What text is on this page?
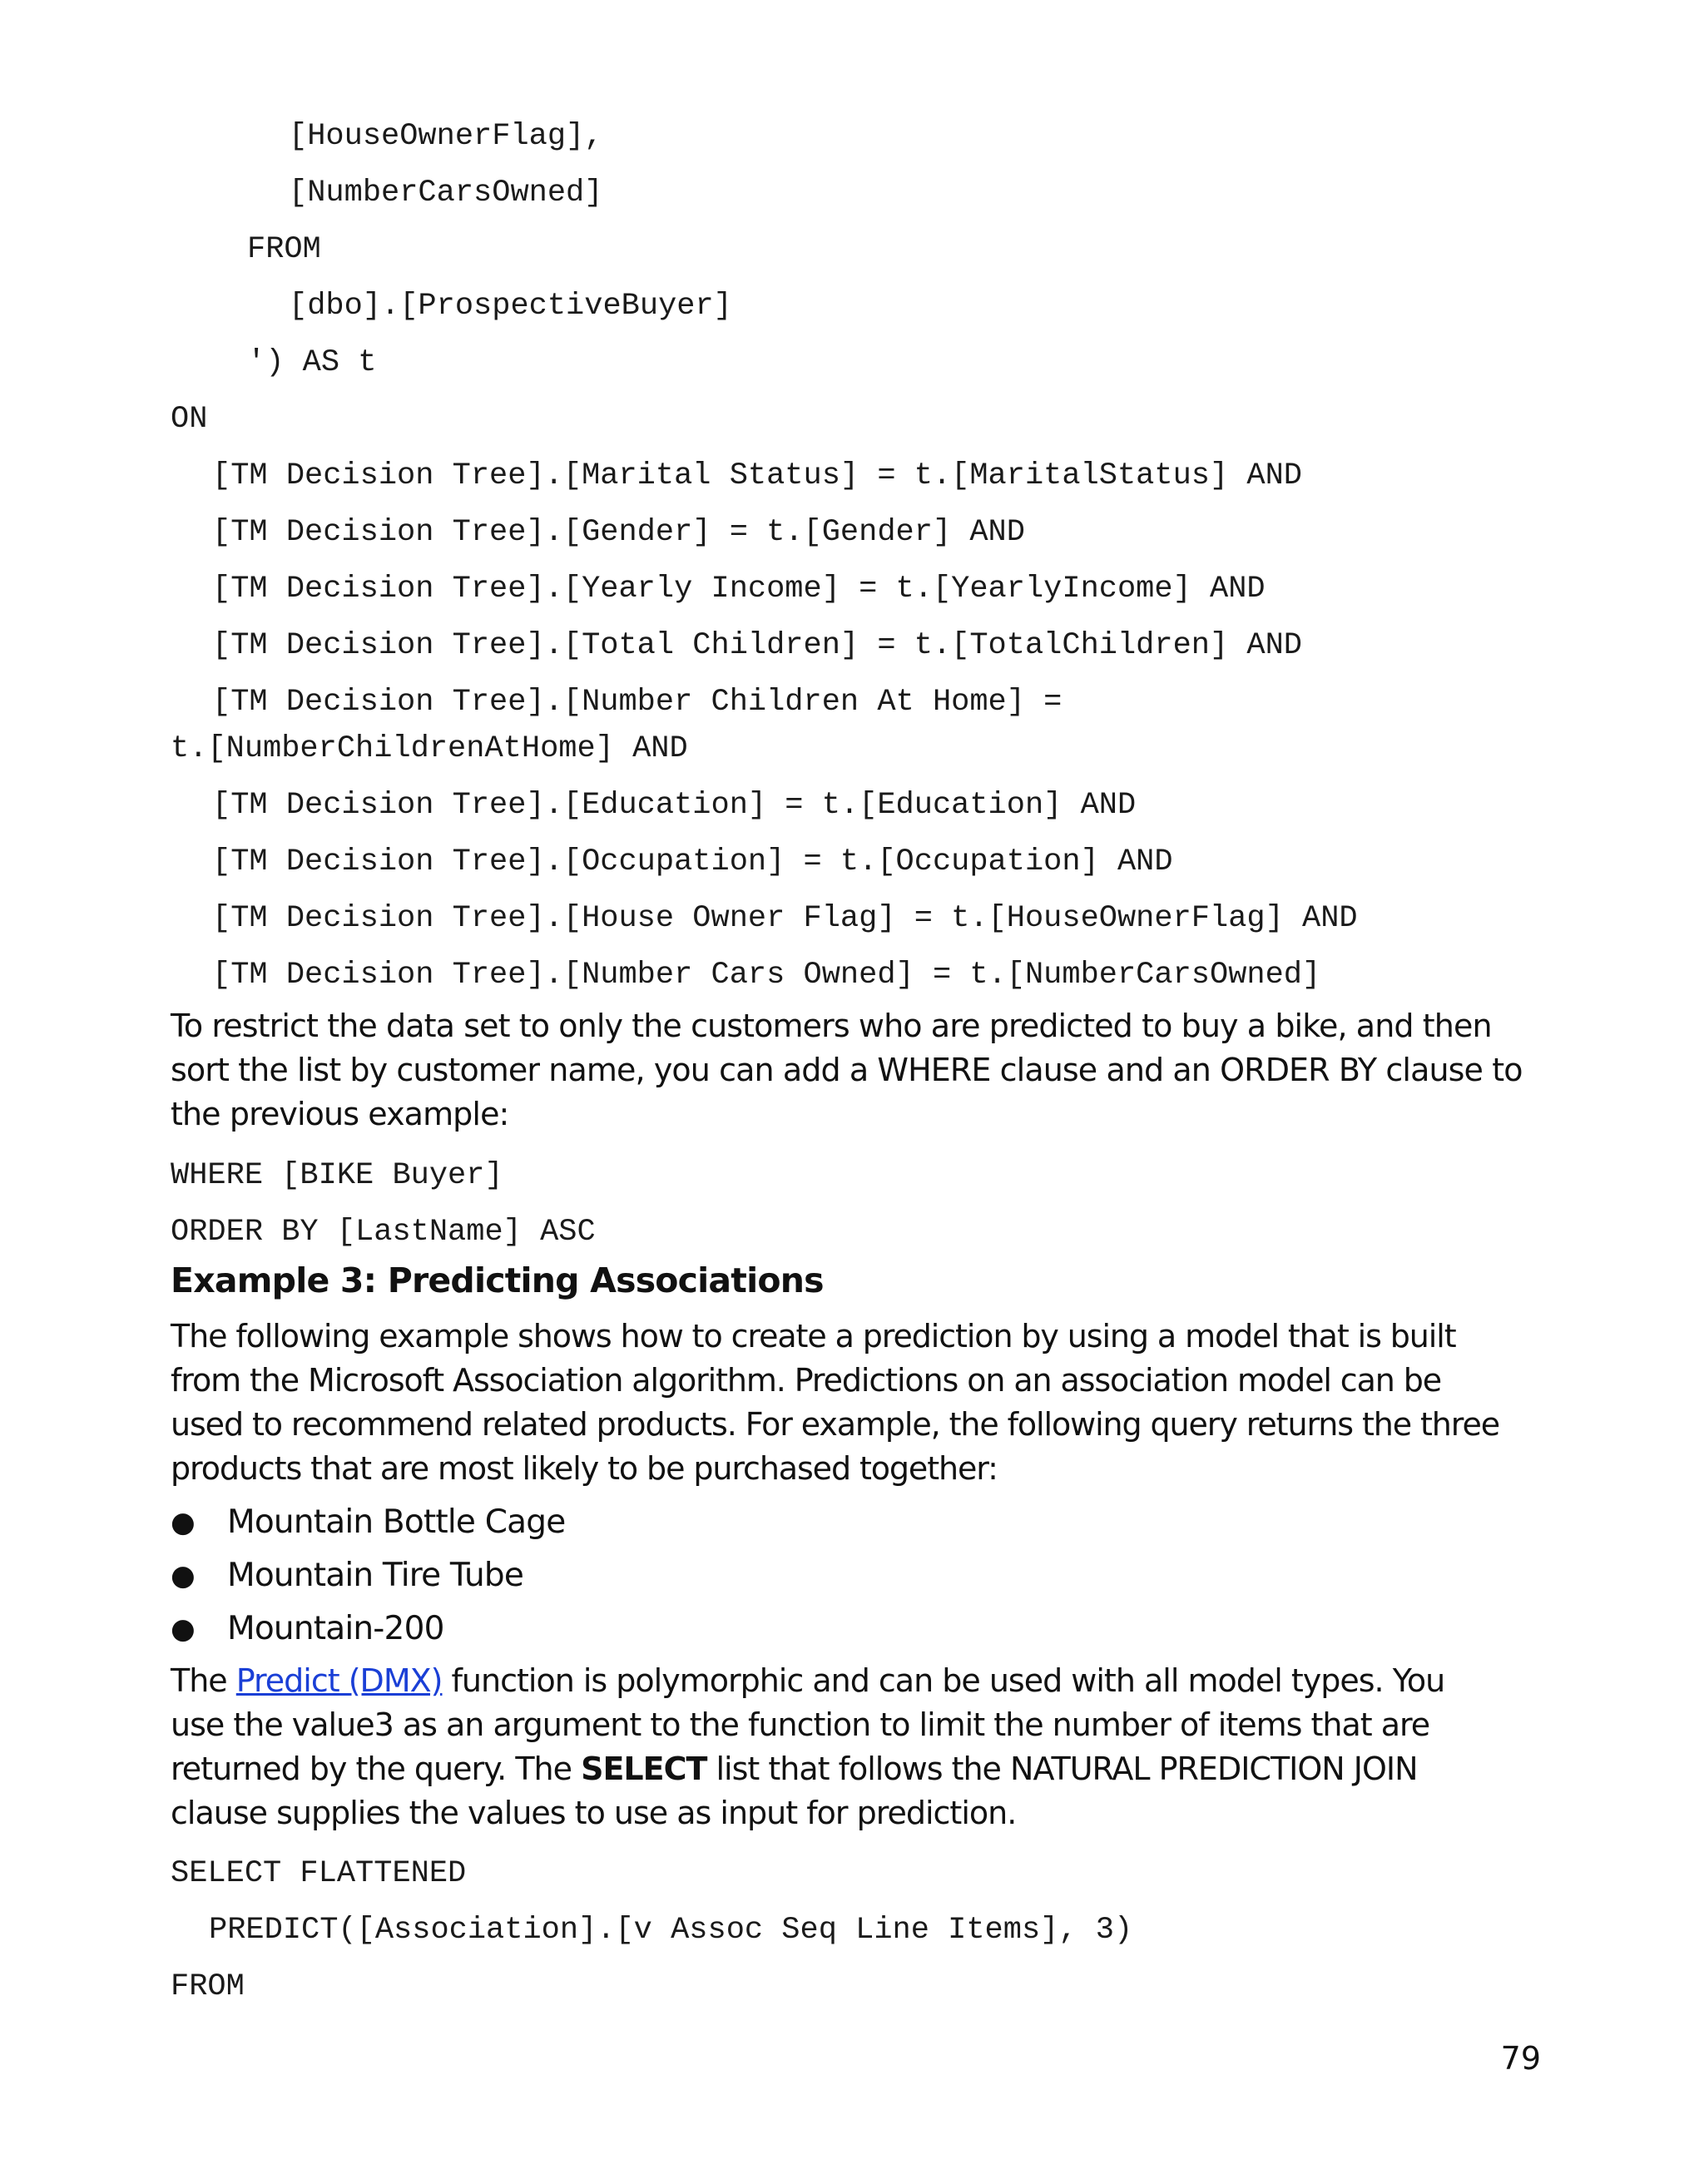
[HouseOwnerFlag],
[NumberCarsOwned]
FROM
[dbo].[ProspectiveBuyer]
') AS t
ON
[TM Decision Tree].[Marital Status] = t.[MaritalStatus] AND
[TM Decision Tree].[Gender] = t.[Gender] AND
[TM Decision Tree].[Yearly Income] = t.[YearlyIncome] AND
[TM Decision Tree].[Total Children] = t.[TotalChildren] AND
[TM Decision Tree].[Number Children At Home] =
t.[NumberChildrenAtHome] AND
[TM Decision Tree].[Education] = t.[Education] AND
[TM Decision Tree].[Occupation] = t.[Occupation] AND
[TM Decision Tree].[House Owner Flag] = t.[HouseOwnerFlag] AND
[TM Decision Tree].[Number Cars Owned] = t.[NumberCarsOwned]
To restrict the data set to only the customers who are predicted to buy a bike, and then
sort the list by customer name, you can add a WHERE clause and an ORDER BY clause to
the previous example:
WHERE [BIKE Buyer]
ORDER BY [LastName] ASC
Example 3: Predicting Associations
The following example shows how to create a prediction by using a model that is built
from the Microsoft Association algorithm. Predictions on an association model can be
used to recommend related products. For example, the following query returns the three
products that are most likely to be purchased together:
●	Mountain Bottle Cage
●	Mountain Tire Tube
●	Mountain-200
The Predict (DMX) function is polymorphic and can be used with all model types. You
use the value3 as an argument to the function to limit the number of items that are
returned by the query. The SELECT list that follows the NATURAL PREDICTION JOIN
clause supplies the values to use as input for prediction.
SELECT FLATTENED
PREDICT([Association].[v Assoc Seq Line Items], 3)
FROM
79
